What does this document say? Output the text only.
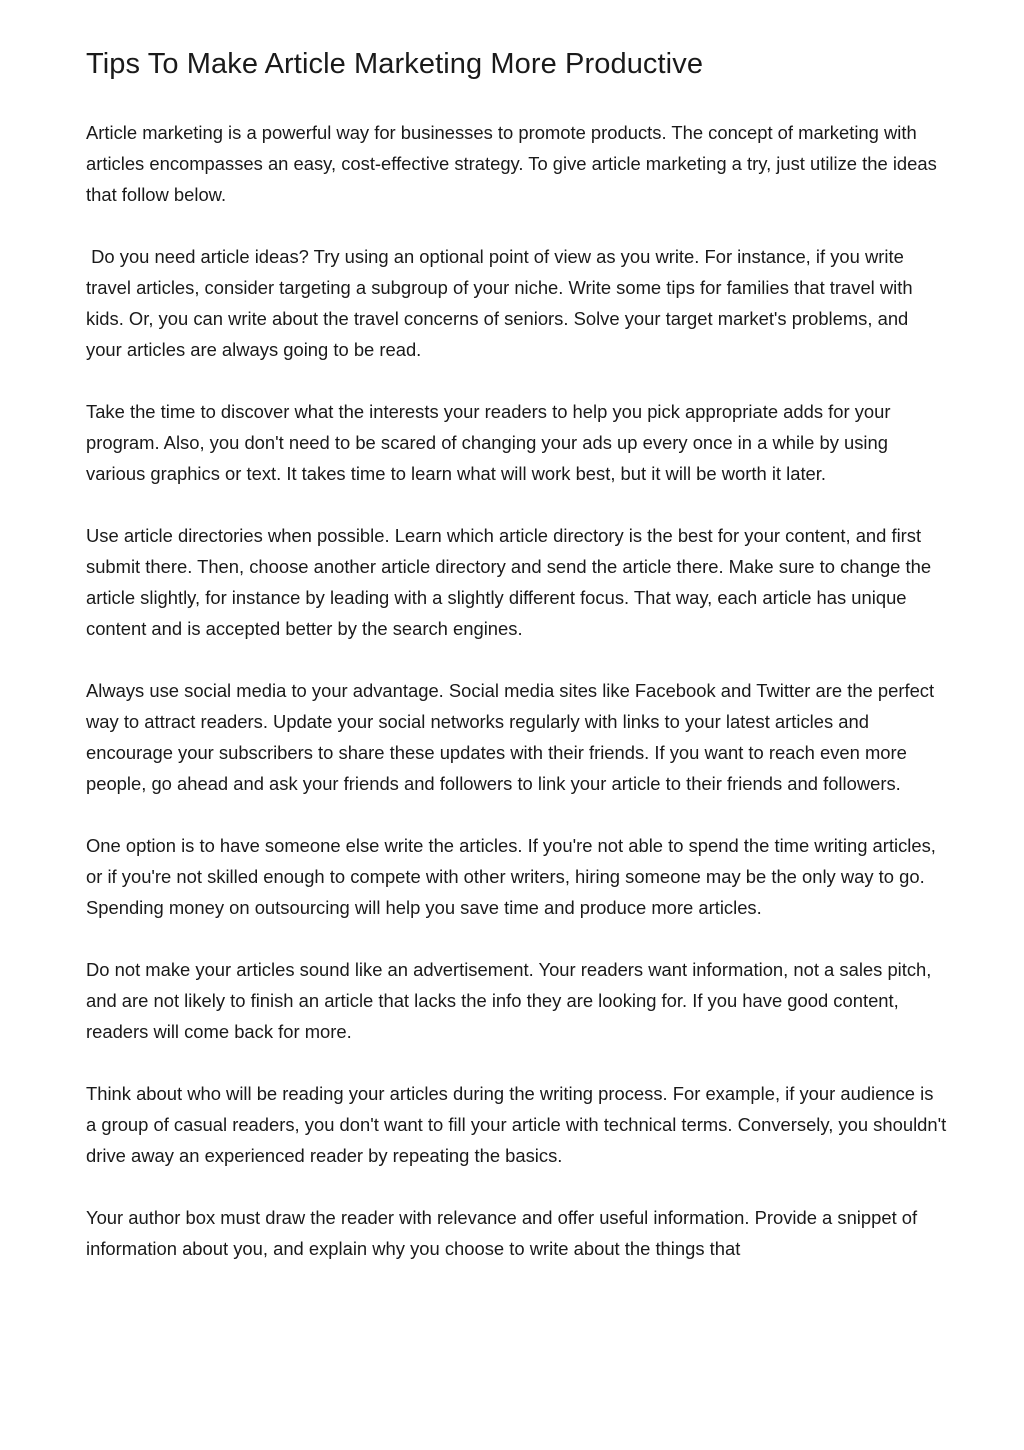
Tips To Make Article Marketing More Productive

Article marketing is a powerful way for businesses to promote products. The concept of marketing with articles encompasses an easy, cost-effective strategy. To give article marketing a try, just utilize the ideas that follow below.

Do you need article ideas? Try using an optional point of view as you write. For instance, if you write travel articles, consider targeting a subgroup of your niche. Write some tips for families that travel with kids. Or, you can write about the travel concerns of seniors. Solve your target market's problems, and your articles are always going to be read.

Take the time to discover what the interests your readers to help you pick appropriate adds for your program. Also, you don't need to be scared of changing your ads up every once in a while by using various graphics or text. It takes time to learn what will work best, but it will be worth it later.

Use article directories when possible. Learn which article directory is the best for your content, and first submit there. Then, choose another article directory and send the article there. Make sure to change the article slightly, for instance by leading with a slightly different focus. That way, each article has unique content and is accepted better by the search engines.

Always use social media to your advantage. Social media sites like Facebook and Twitter are the perfect way to attract readers. Update your social networks regularly with links to your latest articles and encourage your subscribers to share these updates with their friends. If you want to reach even more people, go ahead and ask your friends and followers to link your article to their friends and followers.

One option is to have someone else write the articles. If you're not able to spend the time writing articles, or if you're not skilled enough to compete with other writers, hiring someone may be the only way to go. Spending money on outsourcing will help you save time and produce more articles.

Do not make your articles sound like an advertisement. Your readers want information, not a sales pitch, and are not likely to finish an article that lacks the info they are looking for. If you have good content, readers will come back for more.

Think about who will be reading your articles during the writing process. For example, if your audience is a group of casual readers, you don't want to fill your article with technical terms. Conversely, you shouldn't drive away an experienced reader by repeating the basics.

Your author box must draw the reader with relevance and offer useful information. Provide a snippet of information about you, and explain why you choose to write about the things that
